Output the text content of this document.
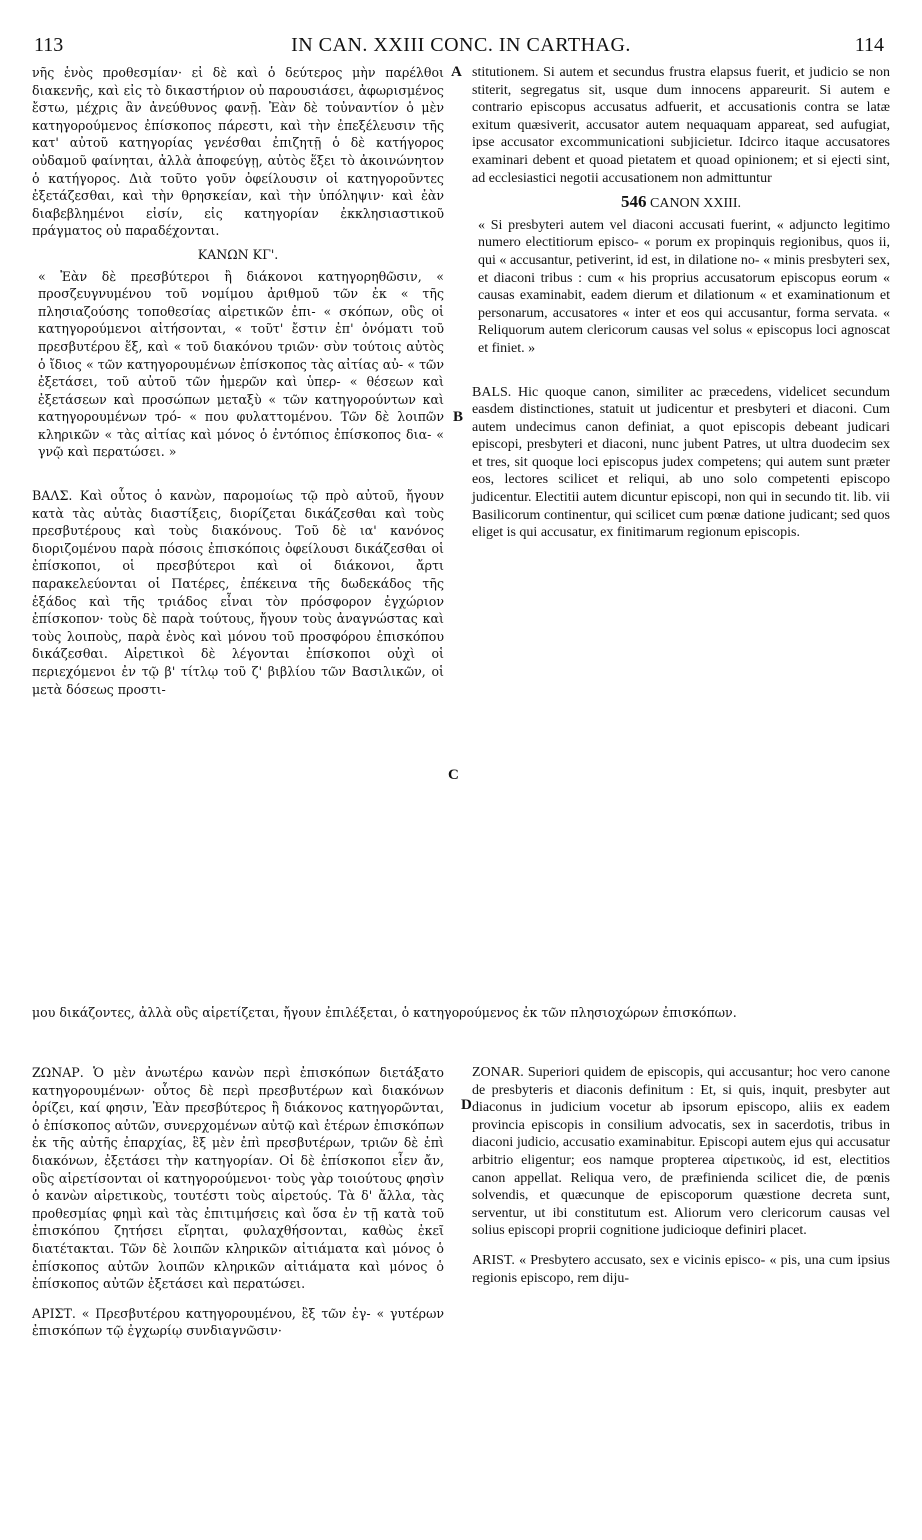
113	IN CAN. XXIII CONC. IN CARTHAG.	114
A
B
C
D

νῆς ἑνὸς προθεσμίαν· εἰ δὲ καὶ ὁ δεύτερος μὴν παρέλθοι διακενῆς, καὶ εἰς τὸ δικαστήριον οὐ παρουσιάσει, ἀφωρισμένος ἔστω, μέχρις ἂν ἀνεύθυνος φανῇ. Ἐὰν δὲ τοὐναντίον ὁ μὲν κατηγορούμενος ἐπίσκοπος πάρεστι, καὶ τὴν ἐπεξέλευσιν τῆς κατ' αὐτοῦ κατηγορίας γενέσθαι ἐπιζητῇ ὁ δὲ κατήγορος οὐδαμοῦ φαίνηται, ἀλλὰ ἀποφεύγῃ, αὐτὸς ἕξει τὸ ἀκοινώνητον ὁ κατήγορος. Διὰ τοῦτο γοῦν ὀφείλουσιν οἱ κατηγοροῦντες ἐξετάζεσθαι, καὶ τὴν θρησκείαν, καὶ τὴν ὑπόληψιν· καὶ ἐὰν διαβεβλημένοι εἰσίν, εἰς κατηγορίαν ἐκκλησιαστικοῦ πράγματος οὐ παραδέχονται.

ΚΑΝΩΝ ΚΓ'.

« Ἐὰν δὲ πρεσβύτεροι ἢ διάκονοι κατηγορηθῶσιν, « προσζευγνυμένου τοῦ νομίμου ἀριθμοῦ τῶν ἐκ « τῆς πλησιαζούσης τοποθεσίας αἱρετικῶν ἐπι- « σκόπων, οὓς οἱ κατηγορούμενοι αἰτήσονται, « τοῦτ' ἔστιν ἐπ' ὀνόματι τοῦ πρεσβυτέρου ἕξ, καὶ « τοῦ διακόνου τριῶν· σὺν τούτοις αὐτὸς ὁ ἴδιος « τῶν κατηγορουμένων ἐπίσκοπος τὰς αἰτίας αὐ- « τῶν ἐξετάσει, τοῦ αὐτοῦ τῶν ἡμερῶν καὶ ὑπερ- « θέσεων καὶ ἐξετάσεων καὶ προσώπων μεταξὺ « τῶν κατηγορούντων καὶ κατηγορουμένων τρό- « που φυλαττομένου. Τῶν δὲ λοιπῶν κληρικῶν « τὰς αἰτίας καὶ μόνος ὁ ἐντόπιος ἐπίσκοπος δια- « γνῷ καὶ περατώσει. »

ΒΑΛΣ. Καὶ οὗτος ὁ κανὼν, παρομοίως τῷ πρὸ αὐτοῦ, ἤγουν κατὰ τὰς αὐτὰς διαστίξεις, διορίζεται δικάζεσθαι καὶ τοὺς πρεσβυτέρους καὶ τοὺς διακόνους. Τοῦ δὲ ια' κανόνος διοριζομένου παρὰ πόσοις ἐπισκόποις ὀφείλουσι δικάζεσθαι οἱ ἐπίσκοποι, οἱ πρεσβύτεροι καὶ οἱ διάκονοι, ἄρτι παρακελεύονται οἱ Πατέρες, ἐπέκεινα τῆς δωδεκάδος τῆς ἑξάδος καὶ τῆς τριάδος εἶναι τὸν πρόσφορον ἐγχώριον ἐπίσκοπον· τοὺς δὲ παρὰ τούτους, ἤγουν τοὺς ἀναγνώστας καὶ τοὺς λοιποὺς, παρὰ ἑνὸς καὶ μόνου τοῦ προσφόρου ἐπισκόπου δικάζεσθαι. Αἱρετικοὶ δὲ λέγονται ἐπίσκοποι οὐχὶ οἱ περιεχόμενοι ἐν τῷ β' τίτλῳ τοῦ ζ' βιβλίου τῶν Βασιλικῶν, οἱ μετὰ δόσεως προστι-

μου δικάζοντες, ἀλλὰ οὓς αἱρετίζεται, ἤγουν ἐπιλέξεται, ὁ κατηγορούμενος ἐκ τῶν πλησιοχώρων ἐπισκόπων.

ΖΩΝΑΡ. Ὁ μὲν ἀνωτέρω κανὼν περὶ ἐπισκόπων διετάξατο κατηγορουμένων· οὗτος δὲ περὶ πρεσβυτέρων καὶ διακόνων ὁρίζει, καί φησιν, Ἐὰν πρεσβύτερος ἢ διάκονος κατηγορῶνται, ὁ ἐπίσκοπος αὐτῶν, συνερχομένων αὐτῷ καὶ ἑτέρων ἐπισκόπων ἐκ τῆς αὐτῆς ἐπαρχίας, ἓξ μὲν ἐπὶ πρεσβυτέρων, τριῶν δὲ ἐπὶ διακόνων, ἐξετάσει τὴν κατηγορίαν. Οἱ δὲ ἐπίσκοποι εἶεν ἄν, οὓς αἱρετίσονται οἱ κατηγορούμενοι· τοὺς γὰρ τοιούτους φησὶν ὁ κανὼν αἱρετικοὺς, τουτέστι τοὺς αἱρετούς. Τὰ δ' ἄλλα, τὰς προθεσμίας φημὶ καὶ τὰς ἐπιτιμήσεις καὶ ὅσα ἐν τῇ κατὰ τοῦ ἐπισκόπου ζητήσει εἴρηται, φυλαχθήσονται, καθὼς ἐκεῖ διατέτακται. Τῶν δὲ λοιπῶν κληρικῶν αἰτιάματα καὶ μόνος ὁ ἐπίσκοπος αὐτῶν λοιπῶν κληρικῶν αἰτιάματα καὶ μόνος ὁ ἐπίσκοπος αὐτῶν ἐξετάσει καὶ περατώσει.

ΑΡΙΣΤ. « Πρεσβυτέρου κατηγορουμένου, ἓξ τῶν ἐγ- « γυτέρων ἐπισκόπων τῷ ἐγχωρίῳ συνδιαγνῶσιν·

stitutionem. Si autem et secundus frustra elapsus fuerit, et judicio se non stiterit, segregatus sit, usque dum innocens appareurit. Si autem e contrario episcopus accusatus adfuerit, et accusationis contra se latæ exitum quæsiverit, accusator autem nequaquam appareat, sed aufugiat, ipse accusator excommunicationi subjicietur. Idcirco itaque accusatores examinari debent et quoad pietatem et quoad opinionem; et si ejecti sint, ad ecclesiastici negotii accusationem non admittuntur

546 CANON XXIII.

« Si presbyteri autem vel diaconi accusati fuerint, « adjuncto legitimo numero electitiorum episco- « porum ex propinquis regionibus, quos ii, qui « accusantur, petiverint, id est, in dilatione no- « minis presbyteri sex, et diaconi tribus : cum « his proprius accusatorum episcopus eorum « causas examinabit, eadem dierum et dilationum « et examinationum et personarum, accusatores « inter et eos qui accusantur, forma servata. « Reliquorum autem clericorum causas vel solus « episcopus loci agnoscat et finiet. »

BALS. Hic quoque canon, similiter ac præcedens, videlicet secundum easdem distinctiones, statuit ut judicentur et presbyteri et diaconi. Cum autem undecimus canon definiat, a quot episcopis debeant judicari episcopi, presbyteri et diaconi, nunc jubent Patres, ut ultra duodecim sex et tres, sit quoque loci episcopus judex competens; qui autem sunt præter eos, lectores scilicet et reliqui, ab uno solo competenti episcopo judicentur. Electitii autem dicuntur episcopi, non qui in secundo tit. lib. vii Basilicorum continentur, qui scilicet cum pœnæ datione judicant; sed quos eliget is qui accusatur, ex finitimarum regionum episcopis.

ZONAR. Superiori quidem de episcopis, qui accusantur; hoc vero canone de presbyteris et diaconis definitum : Et, si quis, inquit, presbyter aut diaconus in judicium vocetur ab ipsorum episcopo, aliis ex eadem provincia episcopis in consilium advocatis, sex in sacerdotis, tribus in diaconi judicio, accusatio examinabitur. Episcopi autem ejus qui accusatur arbitrio eligentur; eos namque propterea αἱρετικοὺς, id est, electitios canon appellat. Reliqua vero, de præfinienda scilicet die, de pœnis solvendis, et quæcunque de episcoporum quæstione decreta sunt, serventur, ut ibi constitutum est. Aliorum vero clericorum causas vel solius episcopi proprii cognitione judicioque definiri placet.

ARIST. « Presbytero accusato, sex e vicinis episco- « pis, una cum ipsius regionis episcopo, rem diju-
